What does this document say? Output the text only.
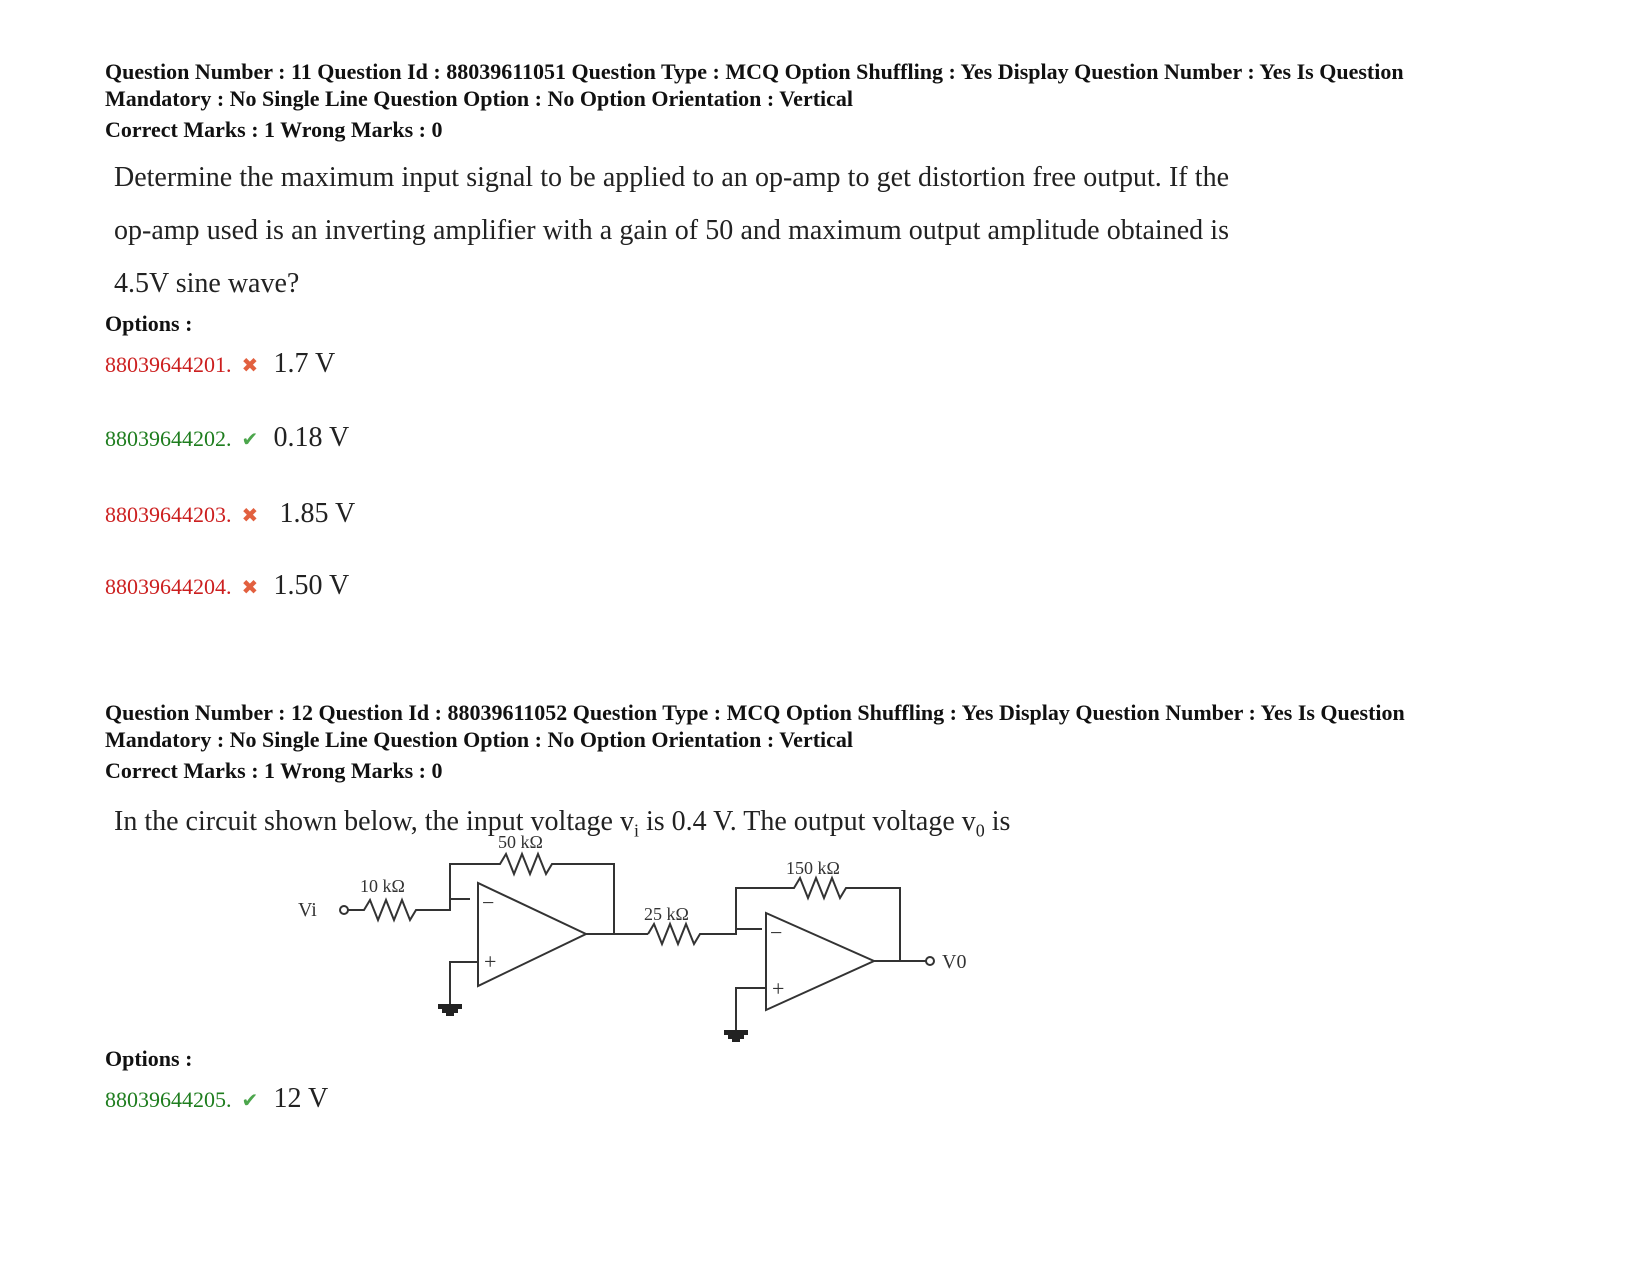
Question Number : 11 Question Id : 88039611051 Question Type : MCQ Option Shuffling : Yes Display Question Number : Yes Is Question

Mandatory : No Single Line Question Option : No Option Orientation : Vertical

Correct Marks : 1 Wrong Marks : 0

Determine the maximum input signal to be applied to an op-amp to get distortion free output. If the op-amp used is an inverting amplifier with a gain of 50 and maximum output amplitude obtained is 4.5V sine wave?
Options :
88039644201. ✖ 1.7 V
88039644202. ✔ 0.18 V
88039644203. ✖ 1.85 V
88039644204. ✖ 1.50 V

Question Number : 12 Question Id : 88039611052 Question Type : MCQ Option Shuffling : Yes Display Question Number : Yes Is Question

Mandatory : No Single Line Question Option : No Option Orientation : Vertical

Correct Marks : 1 Wrong Marks : 0

In the circuit shown below, the input voltage $v_i$ is 0.4 V. The output voltage $v_0$ is
−
+
−
+
50 kΩ
10 kΩ
25 kΩ
150 kΩ
Vi
V0
Options :
88039644205. ✔ 12 V
